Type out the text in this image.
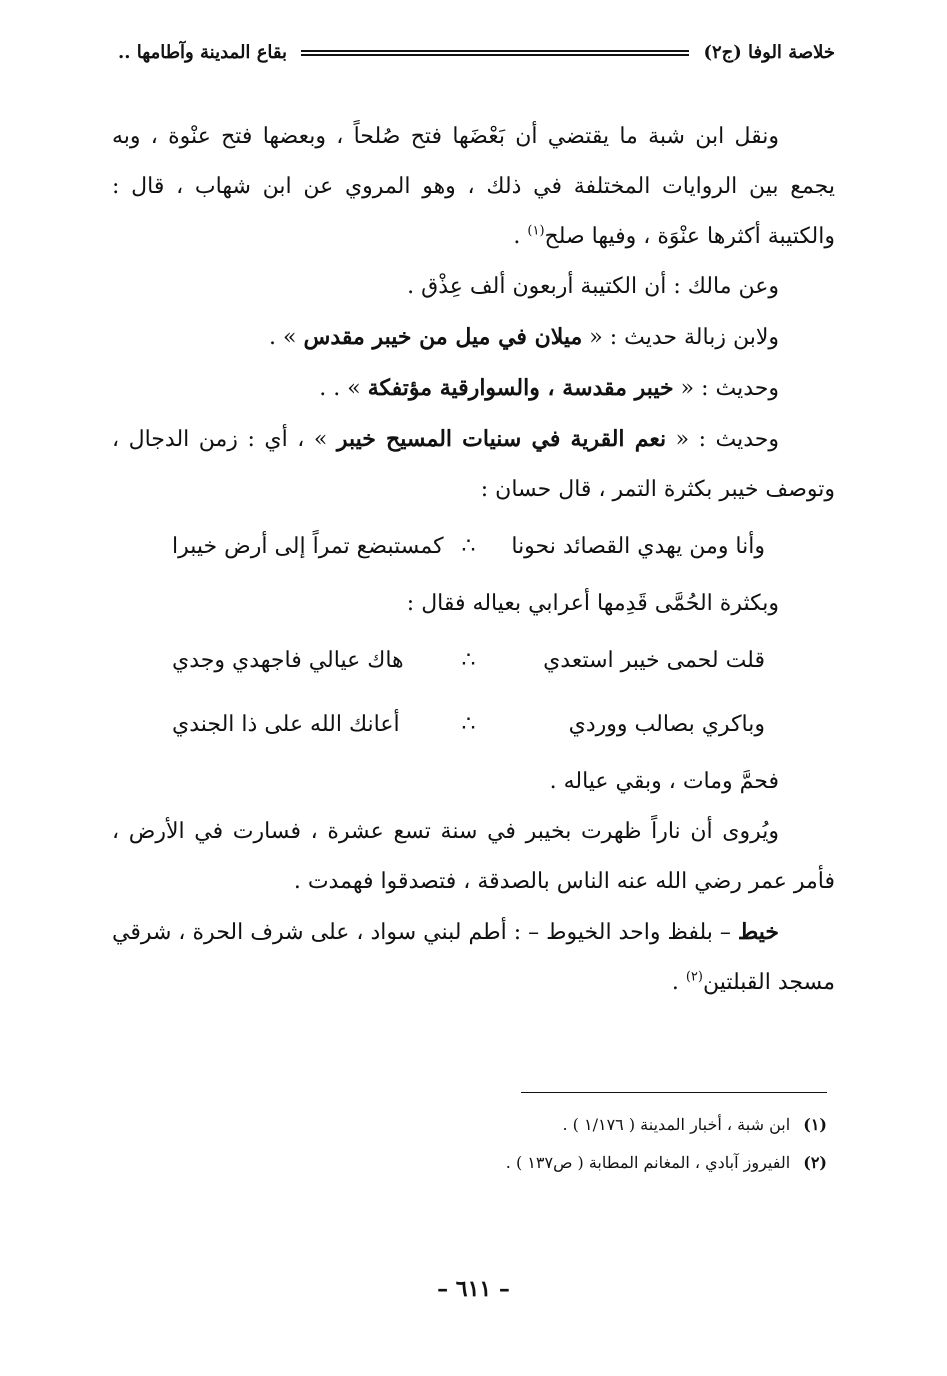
خلاصة الوفا (ج٢)
بقاع المدينة وآطامها ..

ونقل ابن شبة ما يقتضي أن بَعْضَها فتح صُلحاً ، وبعضها فتح عنْوة ، وبه يجمع بين الروايات المختلفة في ذلك ، وهو المروي عن ابن شهاب ، قال : والكتيبة أكثرها عنْوَة ، وفيها صلح$^{(١)}$ .

وعن مالك : أن الكتيبة أربعون ألف عِذْق .

ولابن زبالة حديث : « ميلان في ميل من خيبر مقدس » .

وحديث : « خيبر مقدسة ، والسوارقية مؤتفكة » . .

وحديث : « نعم القرية في سنيات المسيح خيبر » ، أي : زمن الدجال ، وتوصف خيبر بكثرة التمر ، قال حسان :

وأنا ومن يهدي القصائد نحونا
∴
كمستبضع تمراً إلى أرض خيبرا

وبكثرة الحُمَّى قَدِمها أعرابي بعياله فقال :

قلت لحمى خيبر استعدي
∴
هاك عيالي فاجهدي وجدي
وباكري بصالب ووردي
∴
أعانك الله على ذا الجندي

فحمَّ ومات ، وبقي عياله .

ويُروى أن ناراً ظهرت بخيبر في سنة تسع عشرة ، فسارت في الأرض ، فأمر عمر رضي الله عنه الناس بالصدقة ، فتصدقوا فهمدت .

خيط – بلفظ واحد الخيوط – : أطم لبني سواد ، على شرف الحرة ، شرقي مسجد القبلتين$^{(٢)}$ .

(١) ابن شبة ، أخبار المدينة ( ١/١٧٦ ) .
(٢) الفيروز آبادي ، المغانم المطابة ( ص١٣٧ ) .
– ٦١١ –
